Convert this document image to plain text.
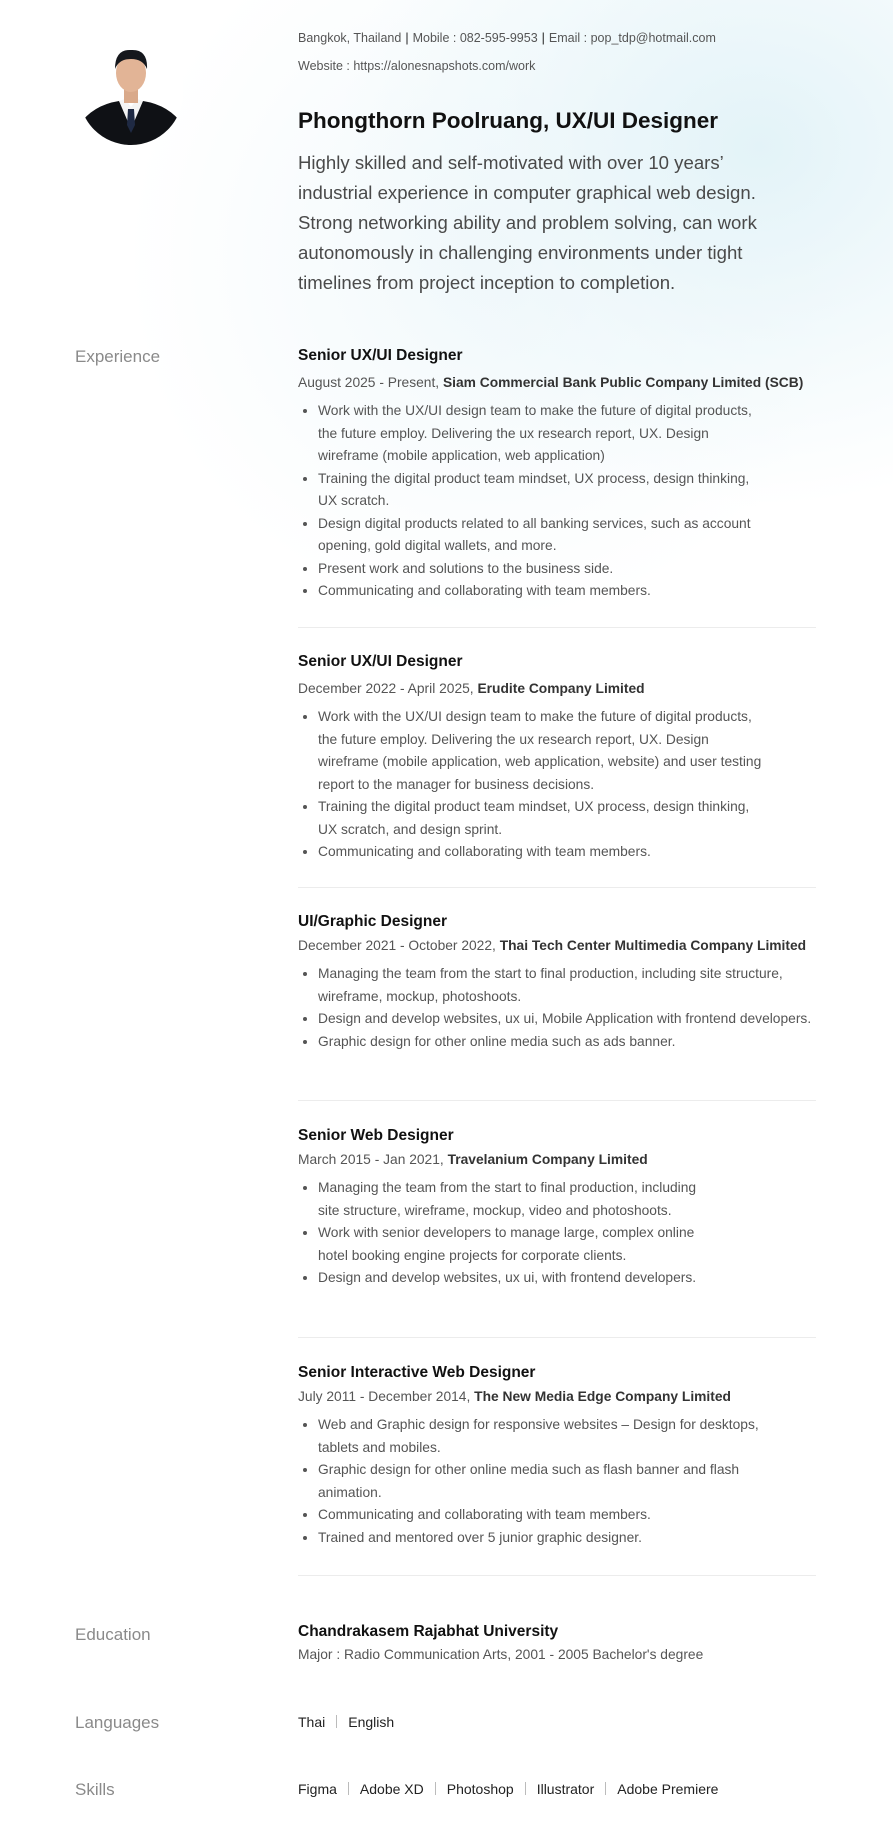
Bangkok, Thailand | Mobile : 082-595-9953 | Email : pop_tdp@hotmail.com
Website : https://alonesnapshots.com/work
Phongthorn Poolruang, UX/UI Designer

Highly skilled and self-motivated with over 10 years’ industrial experience in computer graphical web design. Strong networking ability and problem solving, can work autonomously in challenging environments under tight timelines from project inception to completion.

Experience
Education
Languages
Skills
Senior UX/UI Designer
August 2025 - Present, Siam Commercial Bank Public Company Limited (SCB)
• Work with the UX/UI design team to make the future of digital products, the future employ. Delivering the ux research report, UX. Design wireframe (mobile application, web application)
• Training the digital product team mindset, UX process, design thinking, UX scratch.
• Design digital products related to all banking services, such as account opening, gold digital wallets, and more.
• Present work and solutions to the business side.
• Communicating and collaborating with team members.
Senior UX/UI Designer
December 2022 - April 2025, Erudite Company Limited
• Work with the UX/UI design team to make the future of digital products, the future employ. Delivering the ux research report, UX. Design wireframe (mobile application, web application, website) and user testing report to the manager for business decisions.
• Training the digital product team mindset, UX process, design thinking, UX scratch, and design sprint.
• Communicating and collaborating with team members.
UI/Graphic Designer
December 2021 - October 2022, Thai Tech Center Multimedia Company Limited
• Managing the team from the start to final production, including site structure, wireframe, mockup, photoshoots.
• Design and develop websites, ux ui, Mobile Application with frontend developers.
• Graphic design for other online media such as ads banner.
Senior Web Designer
March 2015 - Jan 2021, Travelanium Company Limited
• Managing the team from the start to final production, including site structure, wireframe, mockup, video and photoshoots.
• Work with senior developers to manage large, complex online hotel booking engine projects for corporate clients.
• Design and develop websites, ux ui, with frontend developers.
Senior Interactive Web Designer
July 2011 - December 2014, The New Media Edge Company Limited
• Web and Graphic design for responsive websites – Design for desktops, tablets and mobiles.
• Graphic design for other online media such as flash banner and flash animation.
• Communicating and collaborating with team members.
• Trained and mentored over 5 junior graphic designer.
Chandrakasem Rajabhat University
Major : Radio Communication Arts, 2001 - 2005 Bachelor's degree
Thai English
Figma Adobe XD Photoshop Illustrator Adobe Premiere
